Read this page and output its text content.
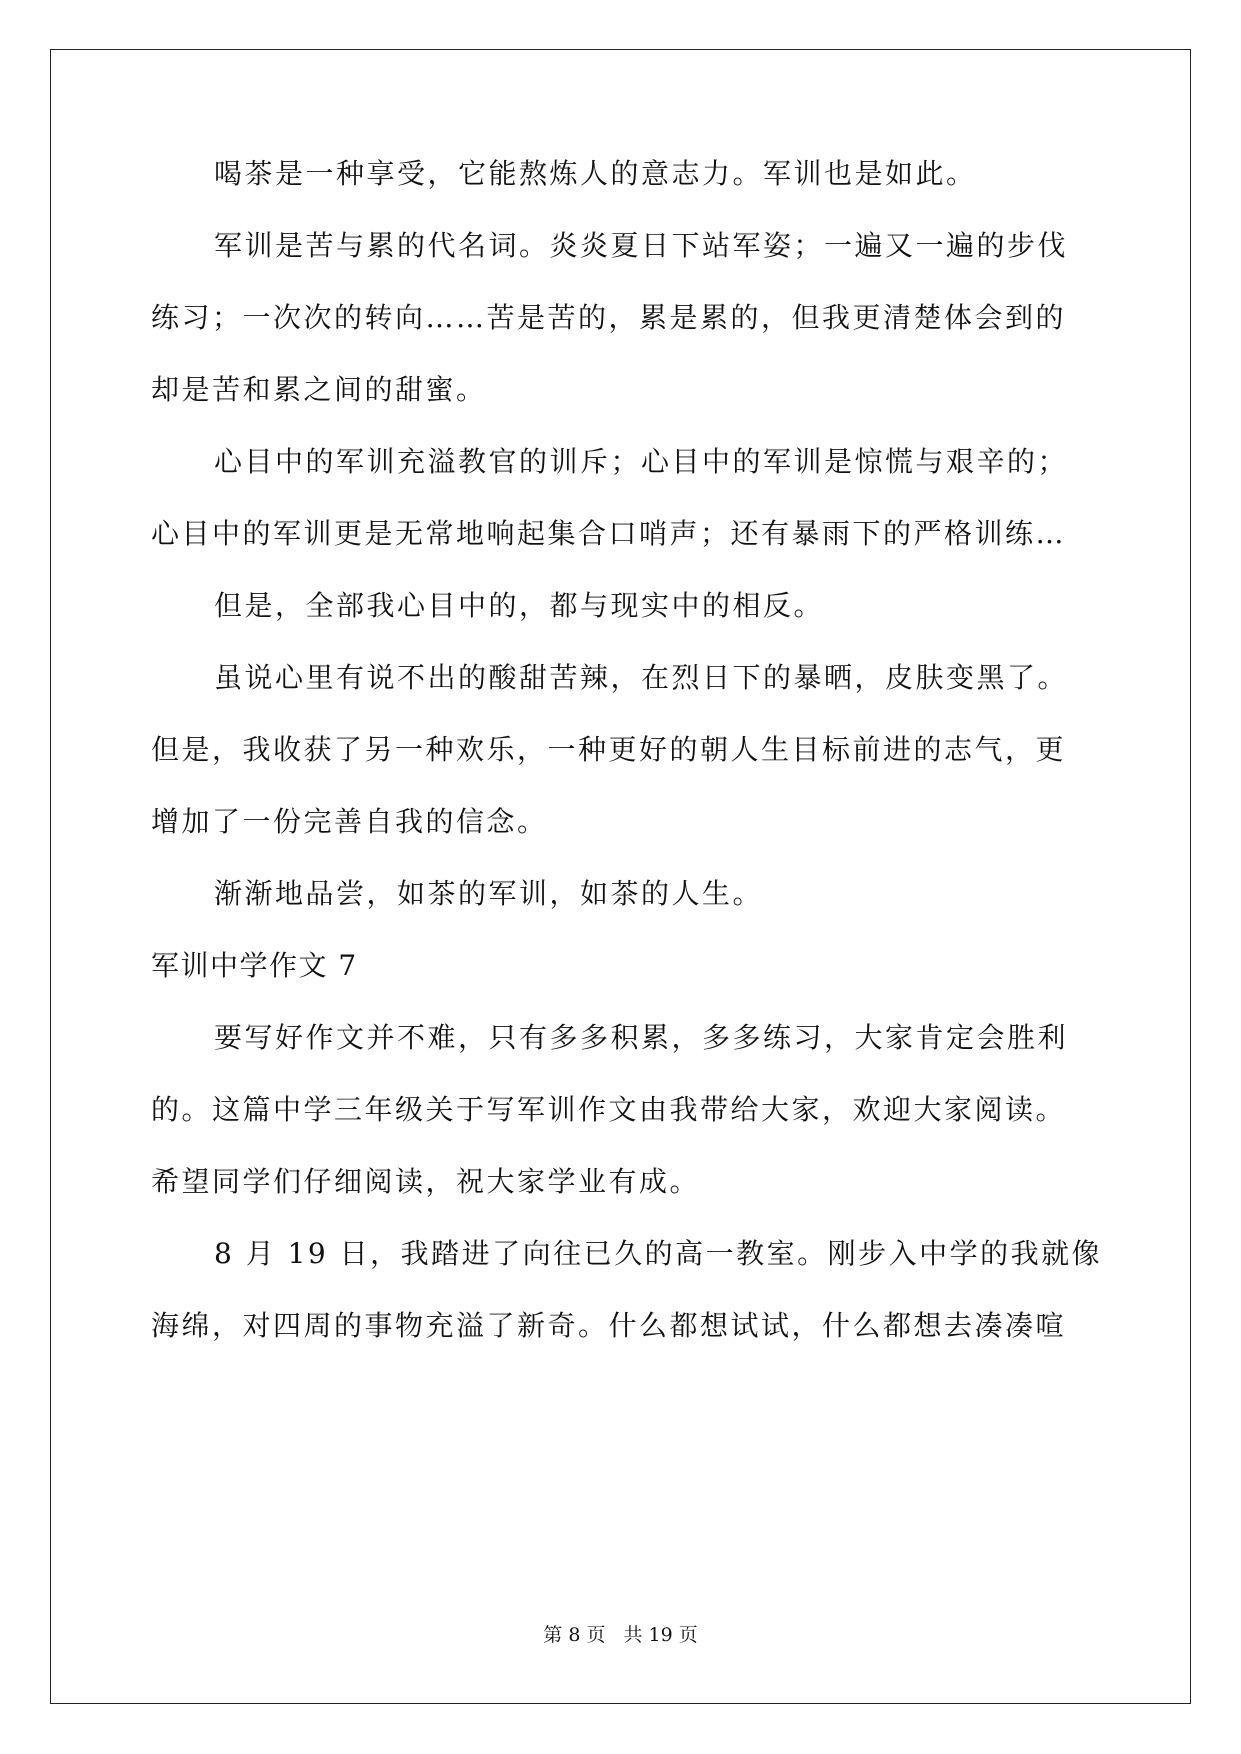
喝茶是一种享受，它能熬炼人的意志力。军训也是如此。
军训是苦与累的代名词。炎炎夏日下站军姿；一遍又一遍的步伐
练习；一次次的转向……苦是苦的，累是累的，但我更清楚体会到的
却是苦和累之间的甜蜜。
心目中的军训充溢教官的训斥；心目中的军训是惊慌与艰辛的；
心目中的军训更是无常地响起集合口哨声；还有暴雨下的严格训练…
但是，全部我心目中的，都与现实中的相反。
虽说心里有说不出的酸甜苦辣，在烈日下的暴晒，皮肤变黑了。
但是，我收获了另一种欢乐，一种更好的朝人生目标前进的志气，更
增加了一份完善自我的信念。
渐渐地品尝，如茶的军训，如茶的人生。
军训中学作文 7
要写好作文并不难，只有多多积累，多多练习，大家肯定会胜利
的。这篇中学三年级关于写军训作文由我带给大家，欢迎大家阅读。
希望同学们仔细阅读，祝大家学业有成。
8 月 19 日，我踏进了向往已久的高一教室。刚步入中学的我就像
海绵，对四周的事物充溢了新奇。什么都想试试，什么都想去凑凑喧
第 8 页 共 19 页
